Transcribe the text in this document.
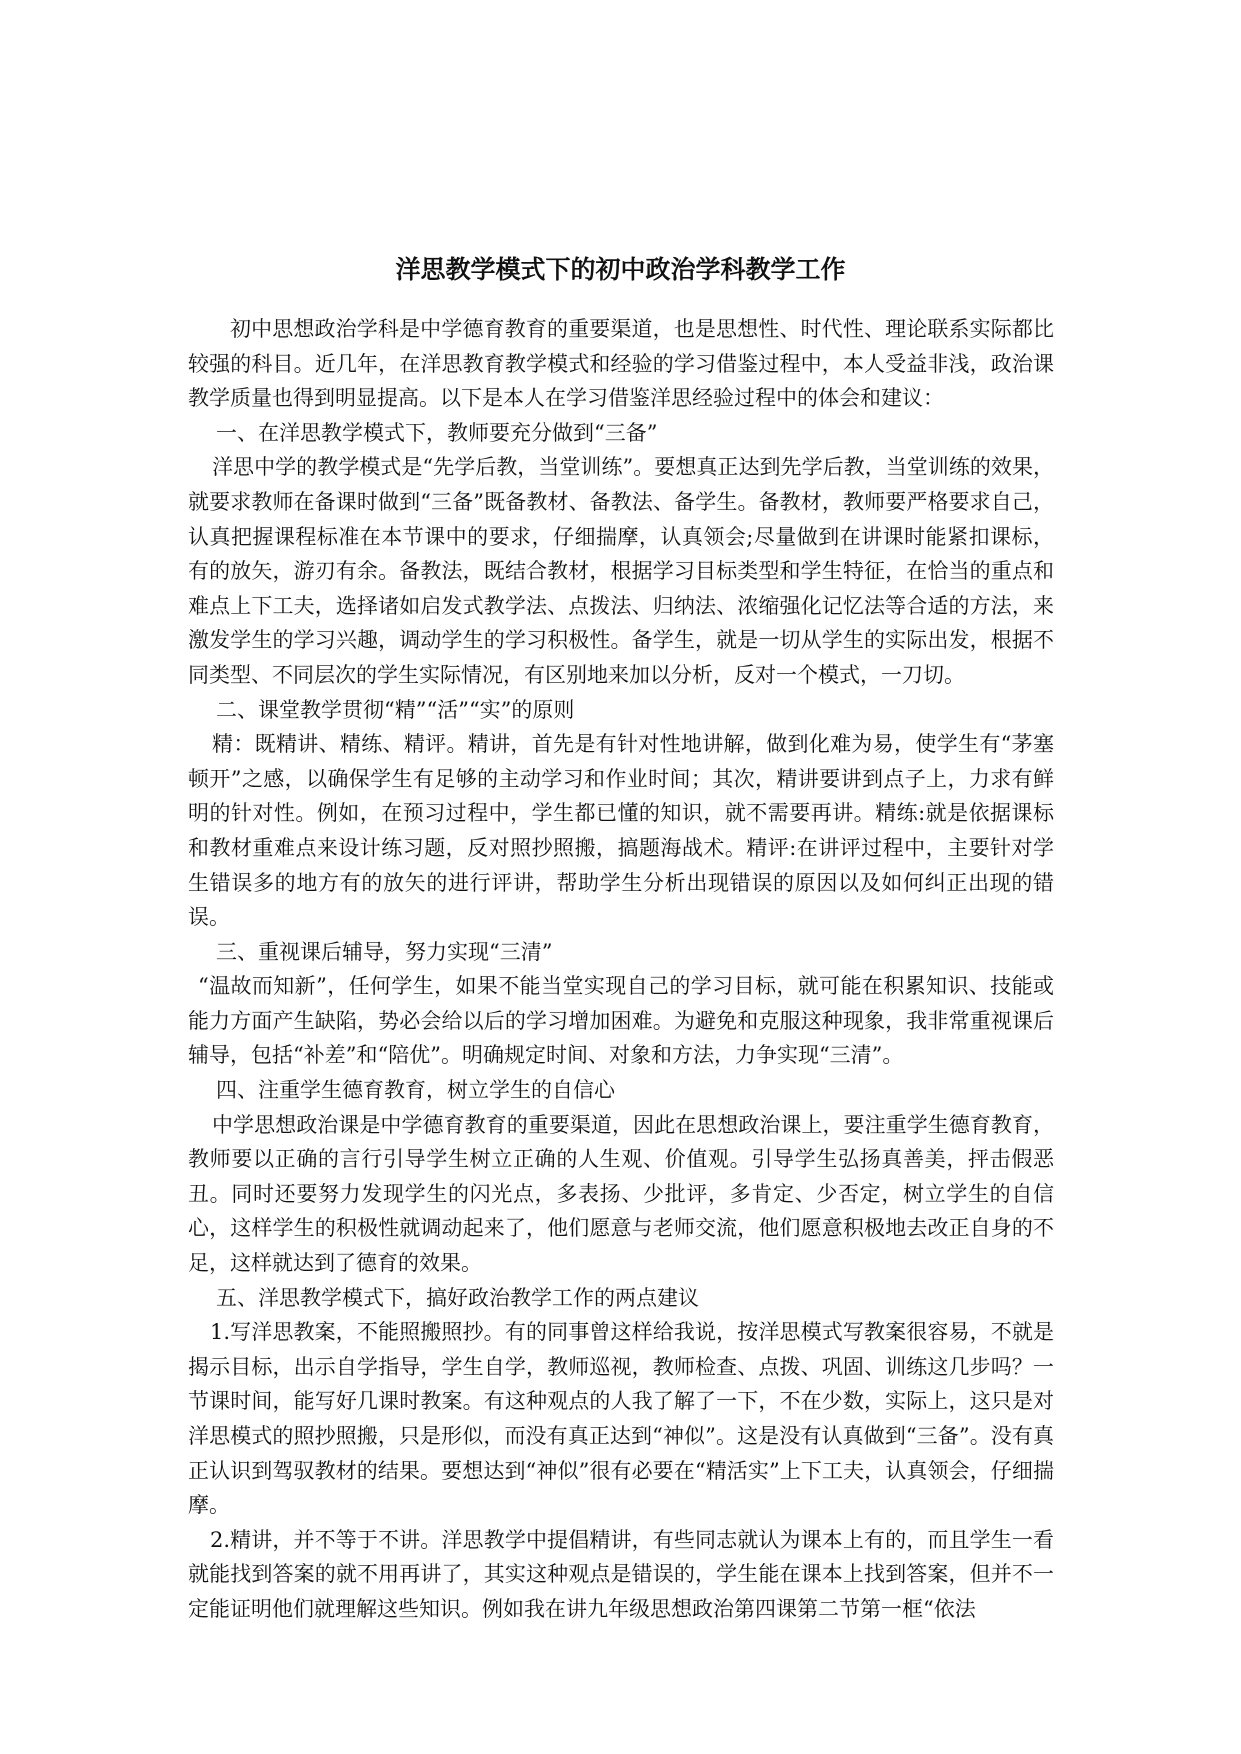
洋思教学模式下的初中政治学科教学工作

初中思想政治学科是中学德育教育的重要渠道，也是思想性、时代性、理论联系实际都比较强的科目。近几年，在洋思教育教学模式和经验的学习借鉴过程中，本人受益非浅，政治课教学质量也得到明显提高。以下是本人在学习借鉴洋思经验过程中的体会和建议：

一、在洋思教学模式下，教师要充分做到“三备”

洋思中学的教学模式是“先学后教，当堂训练”。要想真正达到先学后教，当堂训练的效果，就要求教师在备课时做到“三备”既备教材、备教法、备学生。备教材，教师要严格要求自己，认真把握课程标准在本节课中的要求，仔细揣摩，认真领会;尽量做到在讲课时能紧扣课标，有的放矢，游刃有余。备教法，既结合教材，根据学习目标类型和学生特征，在恰当的重点和难点上下工夫，选择诸如启发式教学法、点拨法、归纳法、浓缩强化记忆法等合适的方法，来激发学生的学习兴趣，调动学生的学习积极性。备学生，就是一切从学生的实际出发，根据不同类型、不同层次的学生实际情况，有区别地来加以分析，反对一个模式，一刀切。

二、课堂教学贯彻“精”“活”“实”的原则

精：既精讲、精练、精评。精讲，首先是有针对性地讲解，做到化难为易，使学生有“茅塞顿开”之感，以确保学生有足够的主动学习和作业时间；其次，精讲要讲到点子上，力求有鲜明的针对性。例如，在预习过程中，学生都已懂的知识，就不需要再讲。精练:就是依据课标和教材重难点来设计练习题，反对照抄照搬，搞题海战术。精评:在讲评过程中，主要针对学生错误多的地方有的放矢的进行评讲，帮助学生分析出现错误的原因以及如何纠正出现的错误。

三、重视课后辅导，努力实现“三清”

“温故而知新”，任何学生，如果不能当堂实现自己的学习目标，就可能在积累知识、技能或能力方面产生缺陷，势必会给以后的学习增加困难。为避免和克服这种现象，我非常重视课后辅导，包括“补差”和“陪优”。明确规定时间、对象和方法，力争实现“三清”。

四、注重学生德育教育，树立学生的自信心

中学思想政治课是中学德育教育的重要渠道，因此在思想政治课上，要注重学生德育教育，教师要以正确的言行引导学生树立正确的人生观、价值观。引导学生弘扬真善美，抨击假恶丑。同时还要努力发现学生的闪光点，多表扬、少批评，多肯定、少否定，树立学生的自信心，这样学生的积极性就调动起来了，他们愿意与老师交流，他们愿意积极地去改正自身的不足，这样就达到了德育的效果。

五、洋思教学模式下，搞好政治教学工作的两点建议

1.写洋思教案，不能照搬照抄。有的同事曾这样给我说，按洋思模式写教案很容易，不就是揭示目标，出示自学指导，学生自学，教师巡视，教师检查、点拨、巩固、训练这几步吗？一节课时间，能写好几课时教案。有这种观点的人我了解了一下，不在少数，实际上，这只是对洋思模式的照抄照搬，只是形似，而没有真正达到“神似”。这是没有认真做到“三备”。没有真正认识到驾驭教材的结果。要想达到“神似”很有必要在“精活实”上下工夫，认真领会，仔细揣摩。

2.精讲，并不等于不讲。洋思教学中提倡精讲，有些同志就认为课本上有的，而且学生一看就能找到答案的就不用再讲了，其实这种观点是错误的，学生能在课本上找到答案，但并不一定能证明他们就理解这些知识。例如我在讲九年级思想政治第四课第二节第一框“依法
